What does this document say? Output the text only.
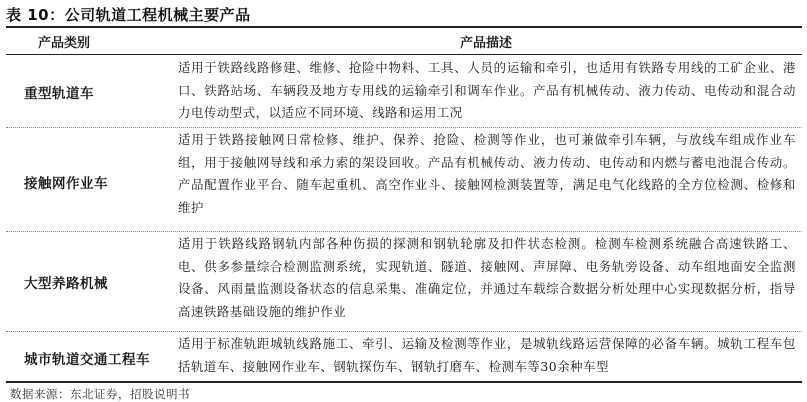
表 10：公司轨道工程机械主要产品
产品类别	产品描述
重型轨道车
适用于铁路线路修建、维修、抢险中物料、工具、人员的运输和牵引，也适用有铁路专用线的工矿企业、港口、铁路站场、车辆段及地方专用线的运输牵引和调车作业。产品有机械传动、液力传动、电传动和混合动力电传动型式，以适应不同环境、线路和运用工况
接触网作业车
适用于铁路接触网日常检修、维护、保养、抢险、检测等作业，也可兼做牵引车辆，与放线车组成作业车组，用于接触网导线和承力索的架设回收。产品有机械传动、液力传动、电传动和内燃与蓄电池混合传动。产品配置作业平台、随车起重机、高空作业斗、接触网检测装置等，满足电气化线路的全方位检测、检修和维护
大型养路机械
适用于铁路线路钢轨内部各种伤损的探测和钢轨轮廓及扣件状态检测。检测车检测系统融合高速铁路工、电、供多参量综合检测监测系统，实现轨道、隧道、接触网、声屏障、电务轨旁设备、动车组地面安全监测设备、风雨量监测设备状态的信息采集、准确定位，并通过车载综合数据分析处理中心实现数据分析，指导高速铁路基础设施的维护作业
城市轨道交通工程车
适用于标准轨距城轨线路施工、牵引、运输及检测等作业，是城轨线路运营保障的必备车辆。城轨工程车包括轨道车、接触网作业车、钢轨探伤车、钢轨打磨车、检测车等30余种车型
数据来源：东北证券，招股说明书
